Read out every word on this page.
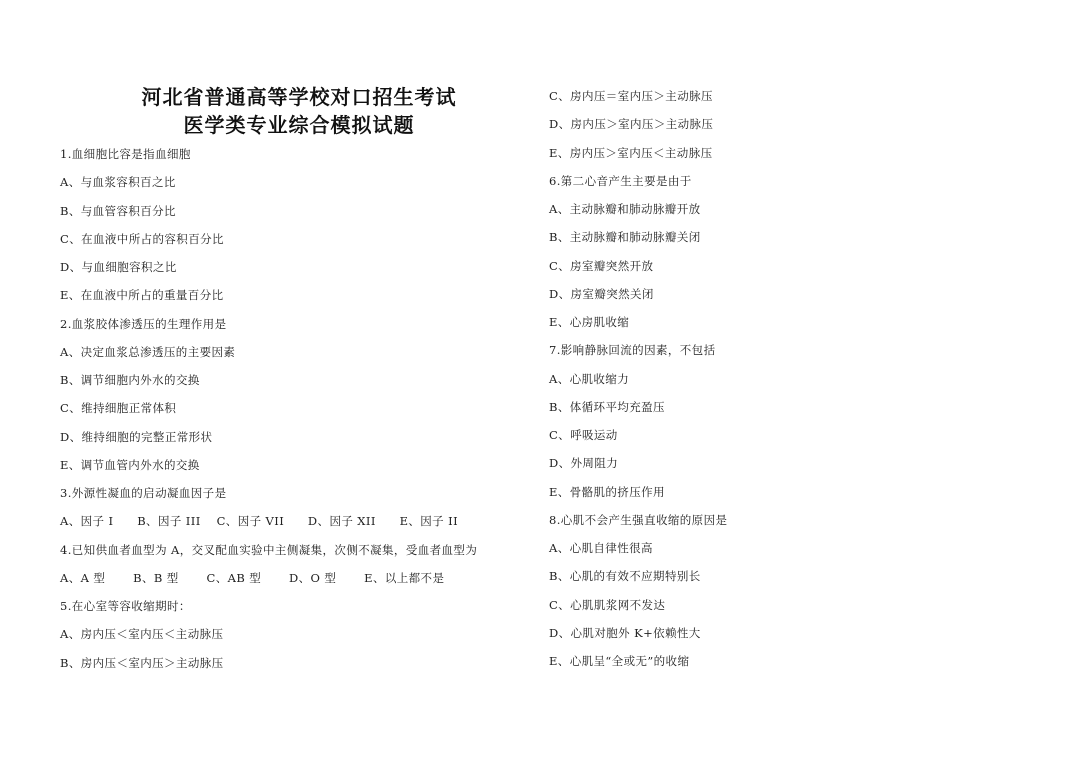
河北省普通高等学校对口招生考试
医学类专业综合模拟试题
1.血细胞比容是指血细胞
A、与血浆容积百之比
B、与血管容积百分比
C、在血液中所占的容积百分比
D、与血细胞容积之比
E、在血液中所占的重量百分比
2.血浆胶体渗透压的生理作用是
A、决定血浆总渗透压的主要因素
B、调节细胞内外水的交换
C、维持细胞正常体积
D、维持细胞的完整正常形状
E、调节血管内外水的交换
3.外源性凝血的启动凝血因子是
A、因子 I　　B、因子 III　 C、因子 VII　　D、因子 XII　　E、因子 II
4.已知供血者血型为 A，交叉配血实验中主侧凝集，次侧不凝集，受血者血型为
A、A 型　　 B、B 型　　 C、AB 型　　 D、O 型　　 E、以上都不是
5.在心室等容收缩期时：
A、房内压＜室内压＜主动脉压
B、房内压＜室内压＞主动脉压
C、房内压＝室内压＞主动脉压
D、房内压＞室内压＞主动脉压
E、房内压＞室内压＜主动脉压
6.第二心音产生主要是由于
A、主动脉瓣和肺动脉瓣开放
B、主动脉瓣和肺动脉瓣关闭
C、房室瓣突然开放
D、房室瓣突然关闭
E、心房肌收缩
7.影响静脉回流的因素，不包括
A、心肌收缩力
B、体循环平均充盈压
C、呼吸运动
D、外周阻力
E、骨骼肌的挤压作用
8.心肌不会产生强直收缩的原因是
A、心肌自律性很高
B、心肌的有效不应期特别长
C、心肌肌浆网不发达
D、心肌对胞外 K+依赖性大
E、心肌呈“全或无”的收缩
